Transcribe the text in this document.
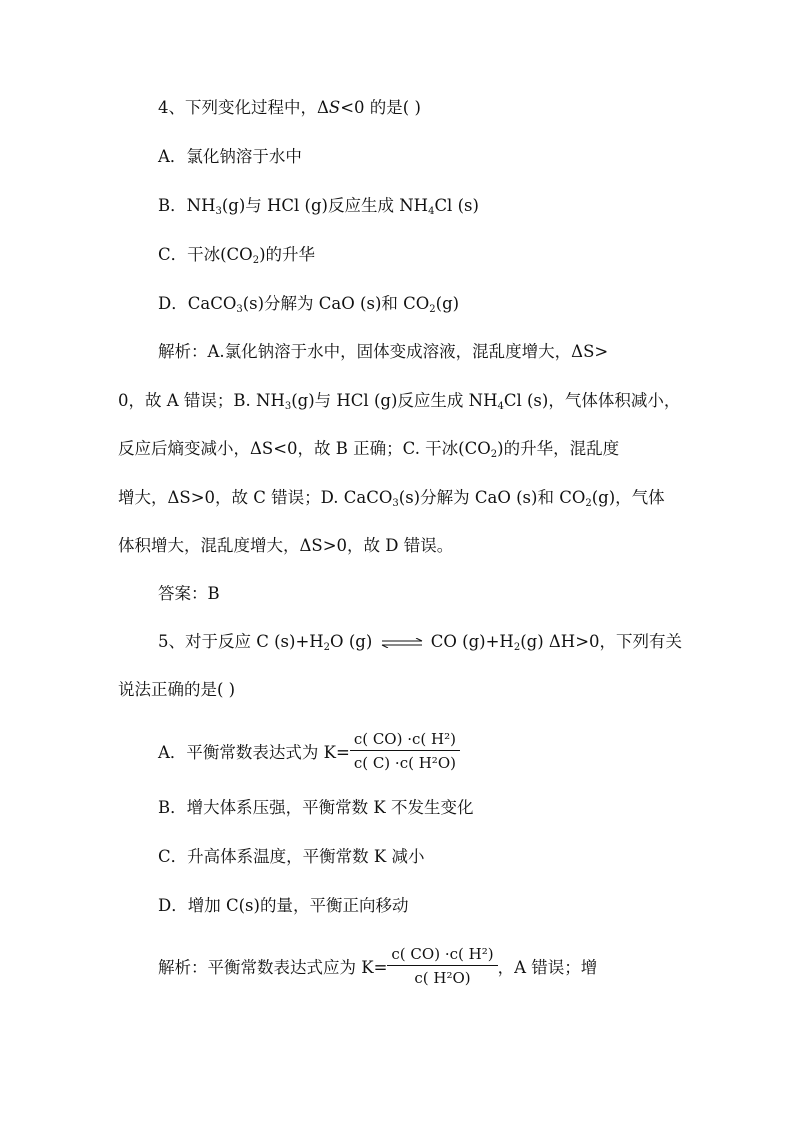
4、下列变化过程中，ΔS<0 的是( )
A．氯化钠溶于水中
B．$NH_3(g)$与 HCl (g)反应生成 $NH_4Cl$ (s)
C．干冰$(CO_2)$的升华
D．CaCO$_3$(s)分解为 CaO (s)和 $CO_2(g)$
解析：A.氯化钠溶于水中，固体变成溶液，混乱度增大，ΔS>
0，故 A 错误；B. $NH_3(g)$与 HCl (g)反应生成 $NH_4Cl$ (s)，气体体积减小，
反应后熵变减小，ΔS<0，故 B 正确；C. 干冰$(CO_2)$的升华，混乱度
增大，ΔS>0，故 C 错误；D. CaCO$_3$(s)分解为 CaO (s)和 $CO_2(g)$，气体
体积增大，混乱度增大，ΔS>0，故 D 错误。
答案：B
5、对于反应 C $(s)+H_2O$ (g) ⇌ CO $(g)+H_2(g)$ ΔH>0，下列有关
说法正确的是( )
A．平衡常数表达式为 $K= \frac{\text{c( CO) ·c( H²)}}{\text{c( C) ·c( H²O)}}$
B．增大体系压强，平衡常数 K 不发生变化
C．升高体系温度，平衡常数 K 减小
D．增加 C(s)的量，平衡正向移动
解析：平衡常数表达式应为 $K= \frac{\text{c( CO) ·c( H²)}}{\text{c( H²O)}}$ ，A 错误；增
